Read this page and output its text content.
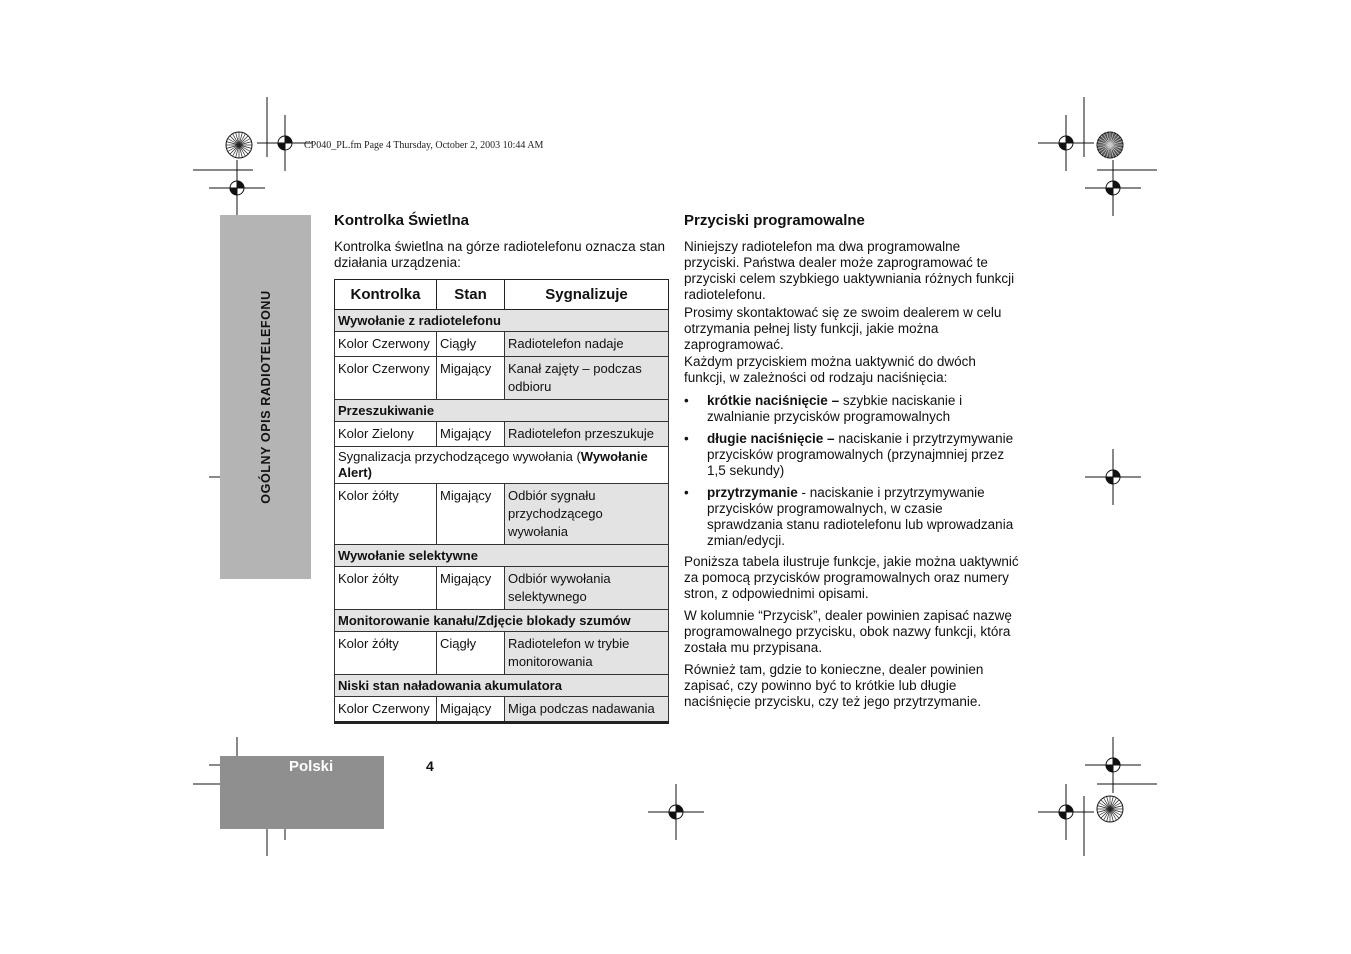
CP040_PL.fm Page 4 Thursday, October 2, 2003 10:44 AM
OGÓLNY OPIS RADIOTELEFONU
Kontrolka Świetlna

Kontrolka świetlna na górze radiotelefonu oznacza stan działania urządzenia:

Kontrolka	Stan	Sygnalizuje
Wywołanie z radiotelefonu		
Kolor Czerwony	Ciągły	Radiotelefon nadaje
Kolor Czerwony	Migający	Kanał zajęty – podczas odbioru
Przeszukiwanie		
Kolor Zielony	Migający	Radiotelefon przeszukuje
Sygnalizacja przychodzącego wywołania (Wywołanie Alert)		
Kolor żółty	Migający	Odbiór sygnału przychodzącego wywołania
Wywołanie selektywne		
Kolor żółty	Migający	Odbiór wywołania selektywnego
Monitorowanie kanału/Zdjęcie blokady szumów		
Kolor żółty	Ciągły	Radiotelefon w trybie monitorowania
Niski stan naładowania akumulatora		
Kolor Czerwony	Migający	Miga podczas nadawania
Przyciski programowalne

Niniejszy radiotelefon ma dwa programowalne przyciski. Państwa dealer może zaprogramować te przyciski celem szybkiego uaktywniania różnych funkcji radiotelefonu.

Prosimy skontaktować się ze swoim dealerem w celu otrzymania pełnej listy funkcji, jakie można zaprogramować.

Każdym przyciskiem można uaktywnić do dwóch funkcji, w zależności od rodzaju naciśnięcia:

• krótkie naciśnięcie – szybkie naciskanie i zwalnianie przycisków programowalnych
• długie naciśnięcie – naciskanie i przytrzymywanie przycisków programowalnych (przynajmniej przez 1,5 sekundy)
• przytrzymanie - naciskanie i przytrzymywanie przycisków programowalnych, w czasie sprawdzania stanu radiotelefonu lub wprowadzania zmian/edycji.

Poniższa tabela ilustruje funkcje, jakie można uaktywnić za pomocą przycisków programowalnych oraz numery stron, z odpowiednimi opisami.

W kolumnie “Przycisk”, dealer powinien zapisać nazwę programowalnego przycisku, obok nazwy funkcji, która została mu przypisana.

Również tam, gdzie to konieczne, dealer powinien zapisać, czy powinno być to krótkie lub długie naciśnięcie przycisku, czy też jego przytrzymanie.

Polski	4
